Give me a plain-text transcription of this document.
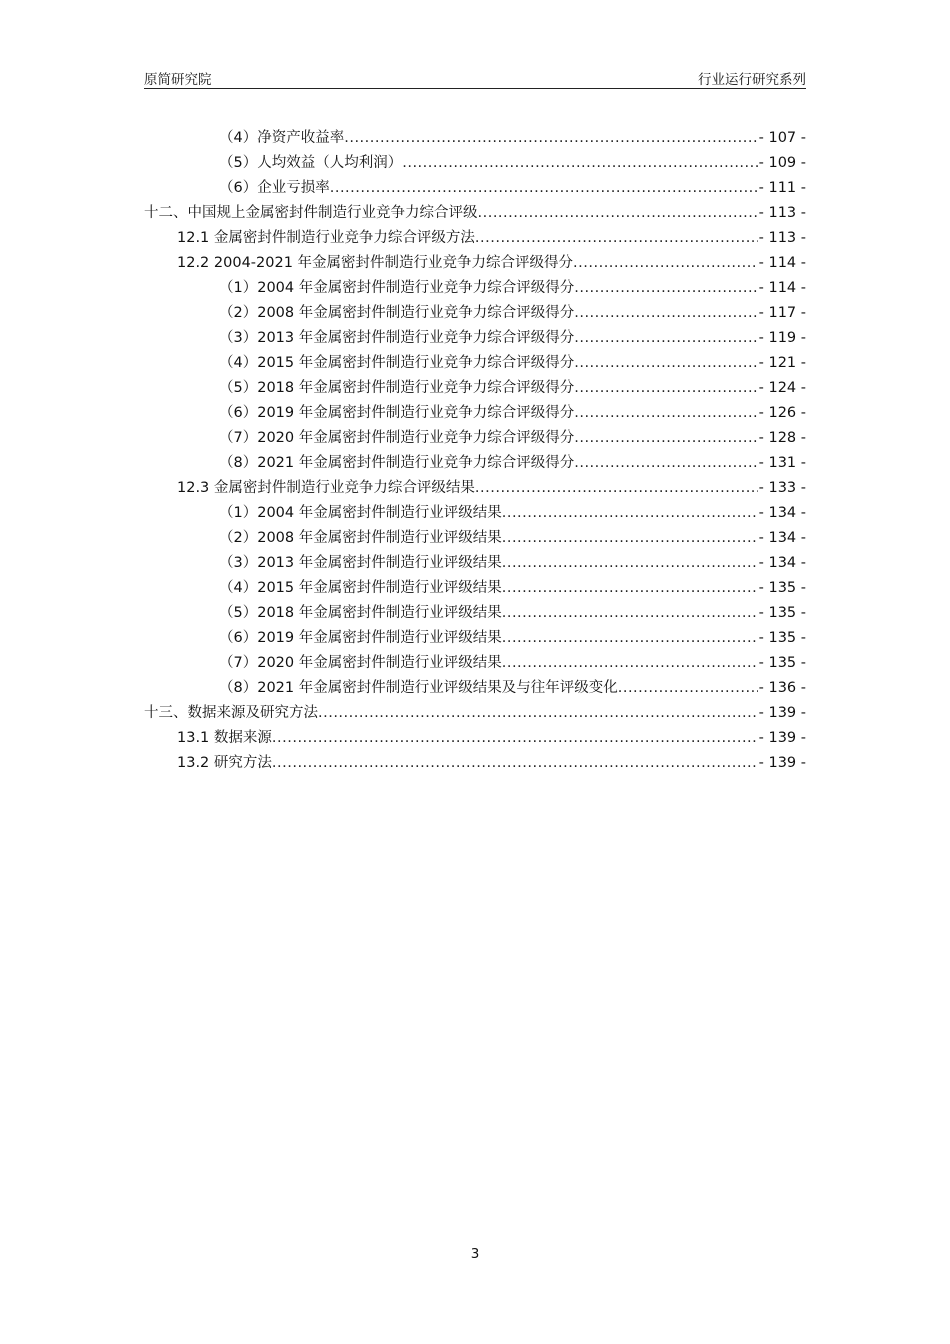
原简研究院	行业运行研究系列
（4）净资产收益率 .....	- 107 -
（5）人均效益（人均利润） .....	- 109 -
（6）企业亏损率 .....	- 111 -
十二、中国规上金属密封件制造行业竞争力综合评级 .....	- 113 -
12.1 金属密封件制造行业竞争力综合评级方法 .....	- 113 -
12.2 2004-2021 年金属密封件制造行业竞争力综合评级得分 .....	- 114 -
（1）2004 年金属密封件制造行业竞争力综合评级得分 .....	- 114 -
（2）2008 年金属密封件制造行业竞争力综合评级得分 .....	- 117 -
（3）2013 年金属密封件制造行业竞争力综合评级得分 .....	- 119 -
（4）2015 年金属密封件制造行业竞争力综合评级得分 .....	- 121 -
（5）2018 年金属密封件制造行业竞争力综合评级得分 .....	- 124 -
（6）2019 年金属密封件制造行业竞争力综合评级得分 .....	- 126 -
（7）2020 年金属密封件制造行业竞争力综合评级得分 .....	- 128 -
（8）2021 年金属密封件制造行业竞争力综合评级得分 .....	- 131 -
12.3 金属密封件制造行业竞争力综合评级结果 .....	- 133 -
（1）2004 年金属密封件制造行业评级结果 .....	- 134 -
（2）2008 年金属密封件制造行业评级结果 .....	- 134 -
（3）2013 年金属密封件制造行业评级结果 .....	- 134 -
（4）2015 年金属密封件制造行业评级结果 .....	- 135 -
（5）2018 年金属密封件制造行业评级结果 .....	- 135 -
（6）2019 年金属密封件制造行业评级结果 .....	- 135 -
（7）2020 年金属密封件制造行业评级结果 .....	- 135 -
（8）2021 年金属密封件制造行业评级结果及与往年评级变化 .....	- 136 -
十三、数据来源及研究方法 .....	- 139 -
13.1 数据来源 .....	- 139 -
13.2 研究方法 .....	- 139 -
3
